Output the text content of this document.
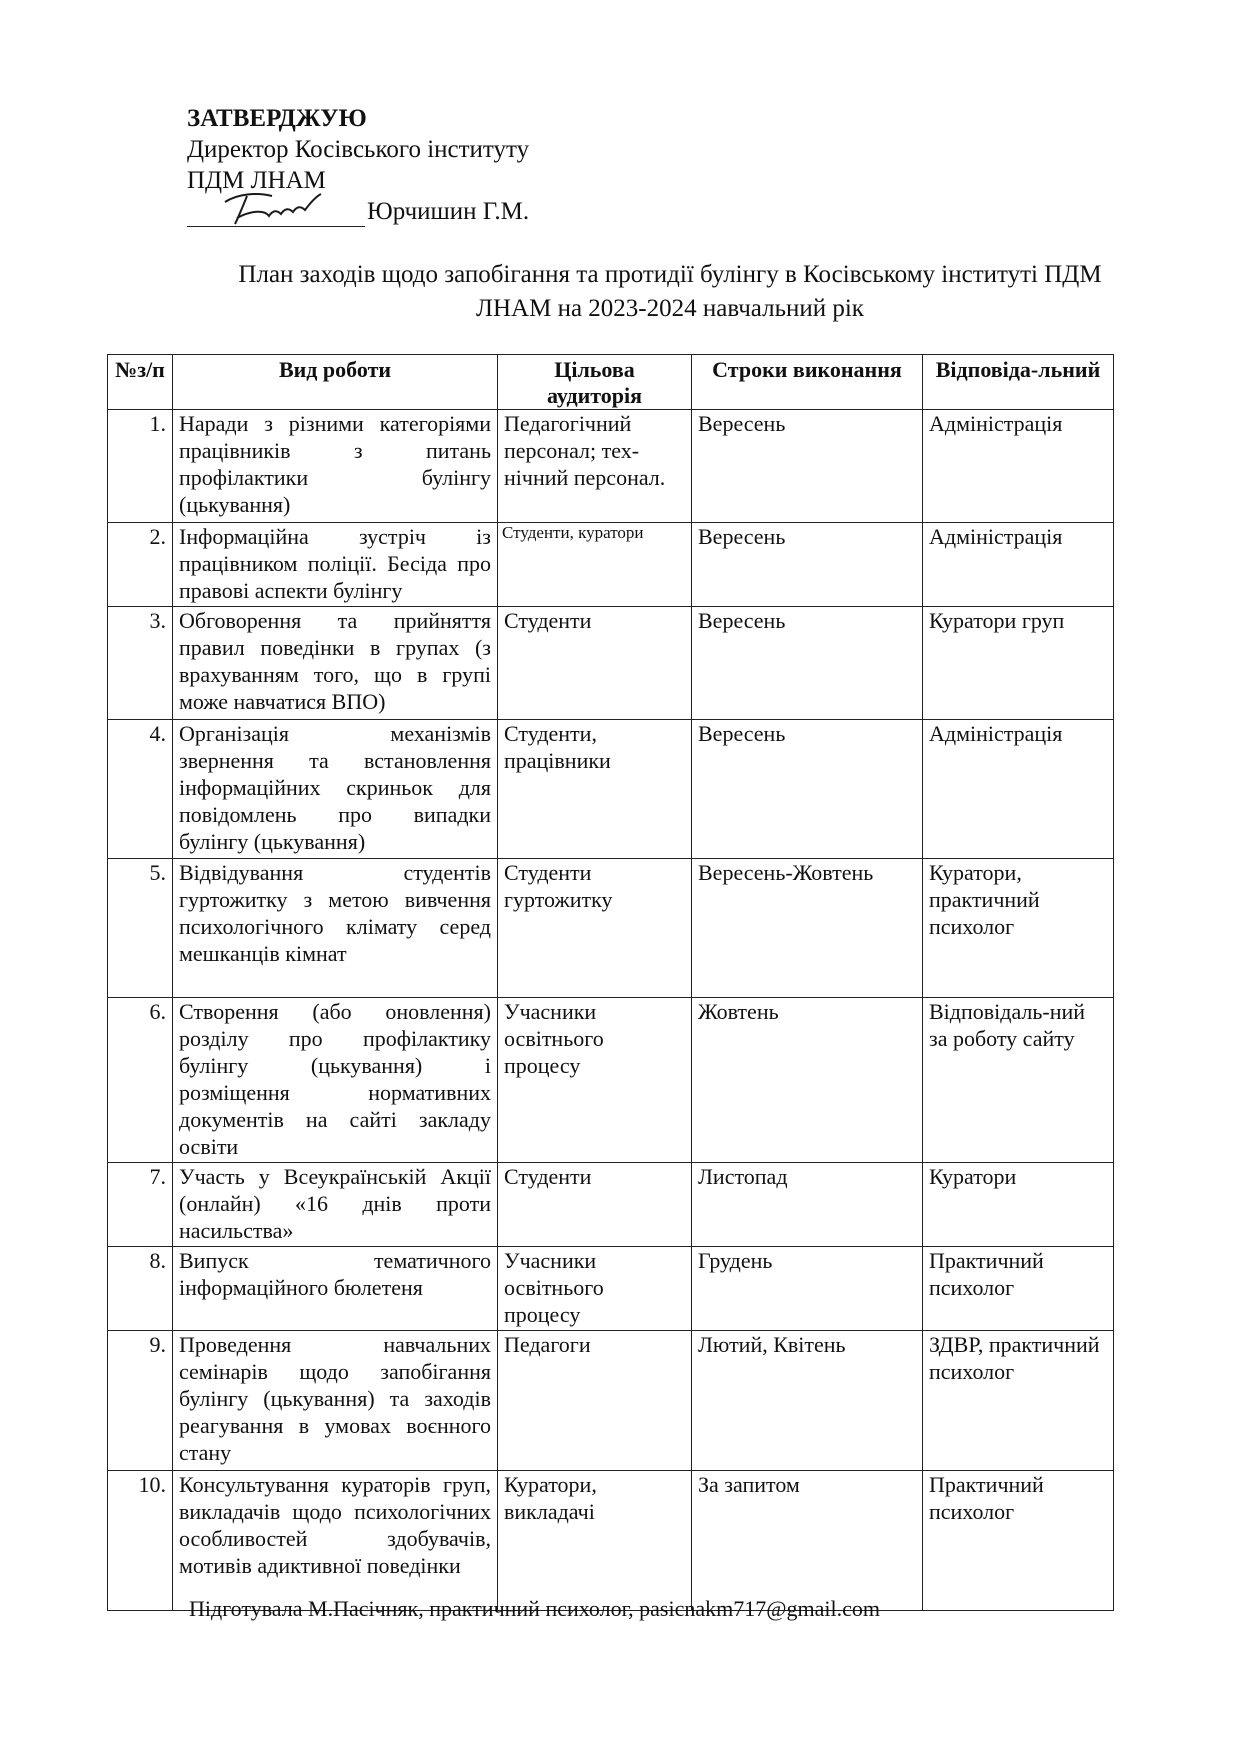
ЗАТВЕРДЖУЮ
Директор Косівського інституту
ПДМ ЛНАМ
Юрчишин Г.М.
План заходів щодо запобігання та протидії булінгу в Косівському інституті ПДМ
ЛНАМ на 2023-2024 навчальний рік
№з/п	Вид роботи	Цільова аудиторія	Строки виконання	Відповіда-льний
1.	Наради з різними категоріями працівників з питань профілактики булінгу (цькування)	Педагогічний персонал; тех-нічний персонал.	Вересень	Адміністрація
2.	Інформаційна зустріч із працівником поліції. Бесіда про правові аспекти булінгу	Студенти, куратори	Вересень	Адміністрація
3.	Обговорення та прийняття правил поведінки в групах (з врахуванням того, що в групі може навчатися ВПО)	Студенти	Вересень	Куратори груп
4.	Організація механізмів звернення та встановлення інформаційних скриньок для повідомлень про випадки булінгу (цькування)	Студенти, працівники	Вересень	Адміністрація
5.	Відвідування студентів гуртожитку з метою вивчення психологічного клімату серед мешканців кімнат	Студенти гуртожитку	Вересень-Жовтень	Куратори, практичний психолог
6.	Створення (або оновлення) розділу про профілактику булінгу (цькування) і розміщення нормативних документів на сайті закладу освіти	Учасники освітнього процесу	Жовтень	Відповідаль-ний за роботу сайту
7.	Участь у Всеукраїнській Акції (онлайн) «16 днів проти насильства»	Студенти	Листопад	Куратори
8.	Випуск тематичного інформаційного бюлетеня	Учасники освітнього процесу	Грудень	Практичний психолог
9.	Проведення навчальних семінарів щодо запобігання булінгу (цькування) та заходів реагування в умовах воєнного стану	Педагоги	Лютий, Квітень	ЗДВР, практичний психолог
10.	Консультування кураторів груп, викладачів щодо психологічних особливостей здобувачів, мотивів адиктивної поведінки	Куратори, викладачі	За запитом	Практичний психолог
Підготувала М.Пасічняк, практичний психолог, pasicnakm717@gmail.com
